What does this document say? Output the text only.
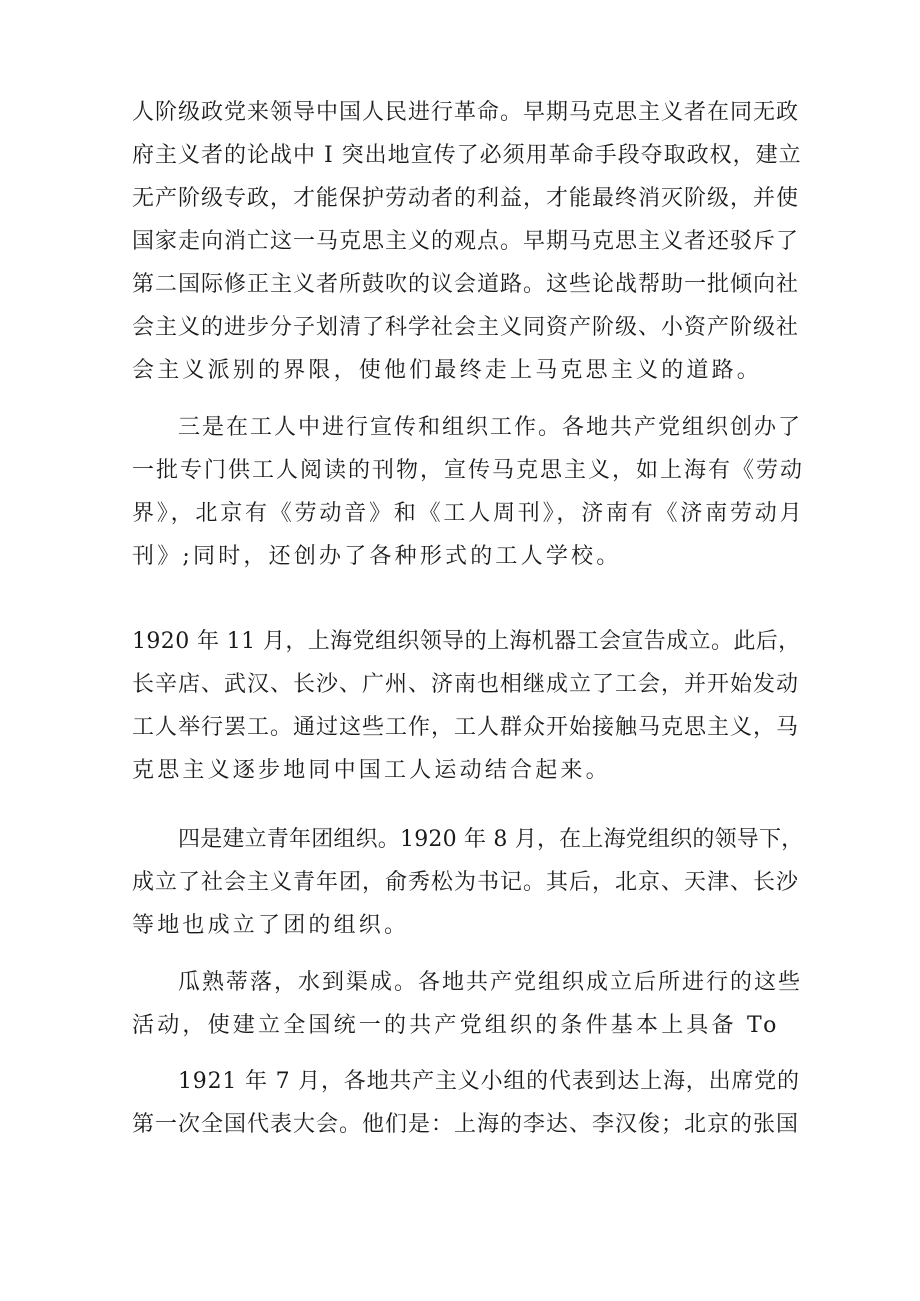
人阶级政党来领导中国人民进行革命。早期马克思主义者在同无政
府主义者的论战中 I 突出地宣传了必须用革命手段夺取政权，建立
无产阶级专政，才能保护劳动者的利益，才能最终消灭阶级，并使
国家走向消亡这一马克思主义的观点。早期马克思主义者还驳斥了
第二国际修正主义者所鼓吹的议会道路。这些论战帮助一批倾向社
会主义的进步分子划清了科学社会主义同资产阶级、小资产阶级社
会主义派别的界限，使他们最终走上马克思主义的道路。
三是在工人中进行宣传和组织工作。各地共产党组织创办了
一批专门供工人阅读的刊物，宣传马克思主义，如上海有《劳动
界》，北京有《劳动音》和《工人周刊》，济南有《济南劳动月
刊》;同时，还创办了各种形式的工人学校。
1920 年 11 月，上海党组织领导的上海机器工会宣告成立。此后，
长辛店、武汉、长沙、广州、济南也相继成立了工会，并开始发动
工人举行罢工。通过这些工作，工人群众开始接触马克思主义，马
克思主义逐步地同中国工人运动结合起来。
四是建立青年团组织。1920 年 8 月，在上海党组织的领导下，
成立了社会主义青年团，俞秀松为书记。其后，北京、天津、长沙
等地也成立了团的组织。
瓜熟蒂落，水到渠成。各地共产党组织成立后所进行的这些
活动，使建立全国统一的共产党组织的条件基本上具备 To
1921 年 7 月，各地共产主义小组的代表到达上海，出席党的
第一次全国代表大会。他们是：上海的李达、李汉俊；北京的张国
